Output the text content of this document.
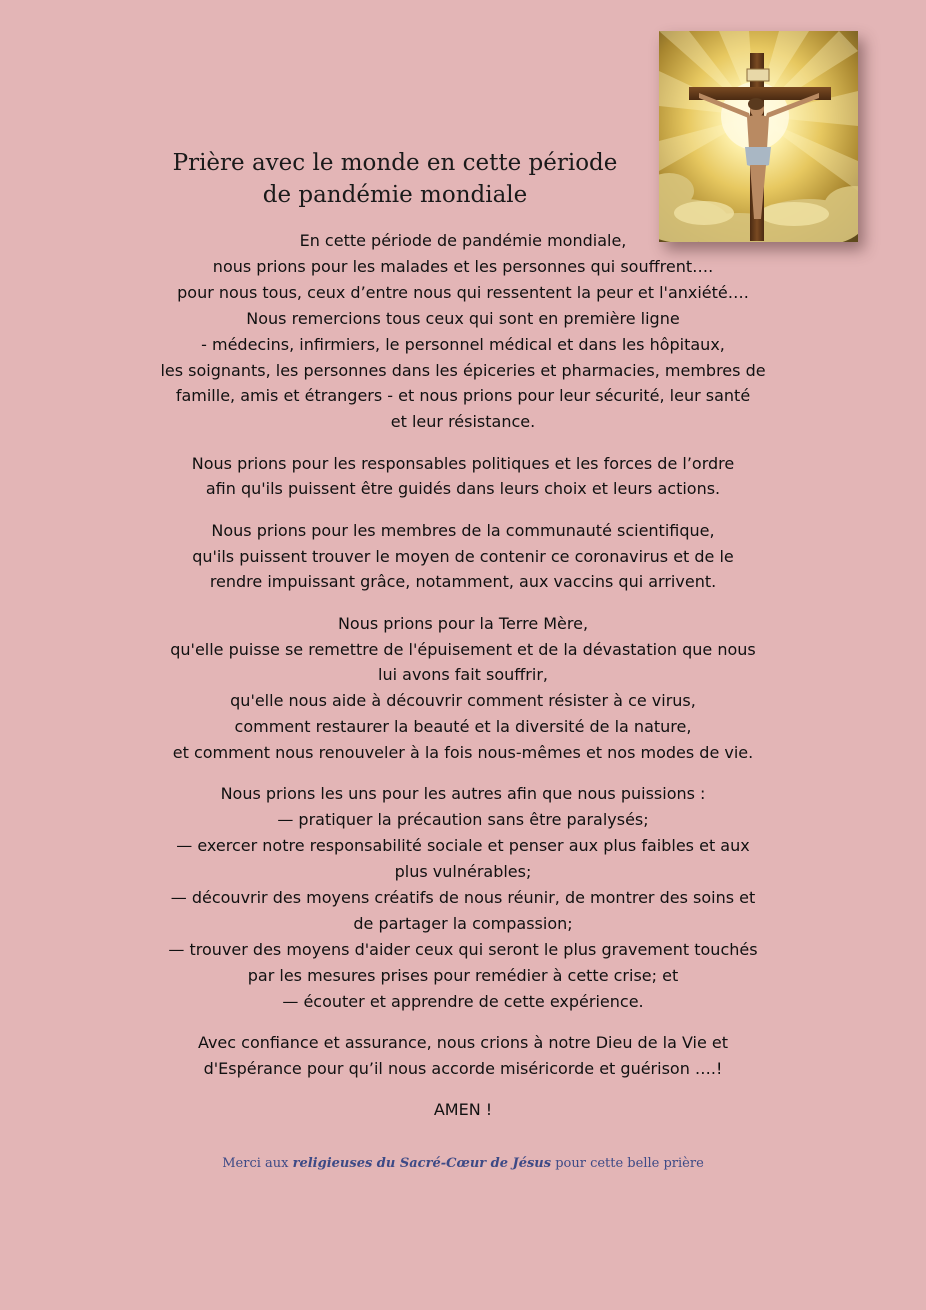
Prière avec le monde en cette période
de pandémie mondiale

En cette période de pandémie mondiale,
nous prions pour les malades et les personnes qui souffrent….
pour nous tous, ceux d’entre nous qui ressentent la peur et l'anxiété….
Nous remercions tous ceux qui sont en première ligne
- médecins, infirmiers, le personnel médical et dans les hôpitaux,
les soignants, les personnes dans les épiceries et pharmacies, membres de
famille, amis et étrangers - et nous prions pour leur sécurité, leur santé
et leur résistance.

Nous prions pour les responsables politiques et les forces de l’ordre
afin qu'ils puissent être guidés dans leurs choix et leurs actions.

Nous prions pour les membres de la communauté scientifique,
qu'ils puissent trouver le moyen de contenir ce coronavirus et de le
rendre impuissant grâce, notamment, aux vaccins qui arrivent.

Nous prions pour la Terre Mère,
qu'elle puisse se remettre de l'épuisement et de la dévastation que nous
lui avons fait souffrir,
qu'elle nous aide à découvrir comment résister à ce virus,
comment restaurer la beauté et la diversité de la nature,
et comment nous renouveler à la fois nous-mêmes et nos modes de vie.

Nous prions les uns pour les autres afin que nous puissions :
— pratiquer la précaution sans être paralysés;
— exercer notre responsabilité sociale et penser aux plus faibles et aux
plus vulnérables;
— découvrir des moyens créatifs de nous réunir, de montrer des soins et
de partager la compassion;
— trouver des moyens d'aider ceux qui seront le plus gravement touchés
par les mesures prises pour remédier à cette crise; et
— écouter et apprendre de cette expérience.

Avec confiance et assurance, nous crions à notre Dieu de la Vie et
d'Espérance pour qu’il nous accorde miséricorde et guérison ….!

AMEN !

Merci aux religieuses du Sacré-Cœur de Jésus pour cette belle prière
